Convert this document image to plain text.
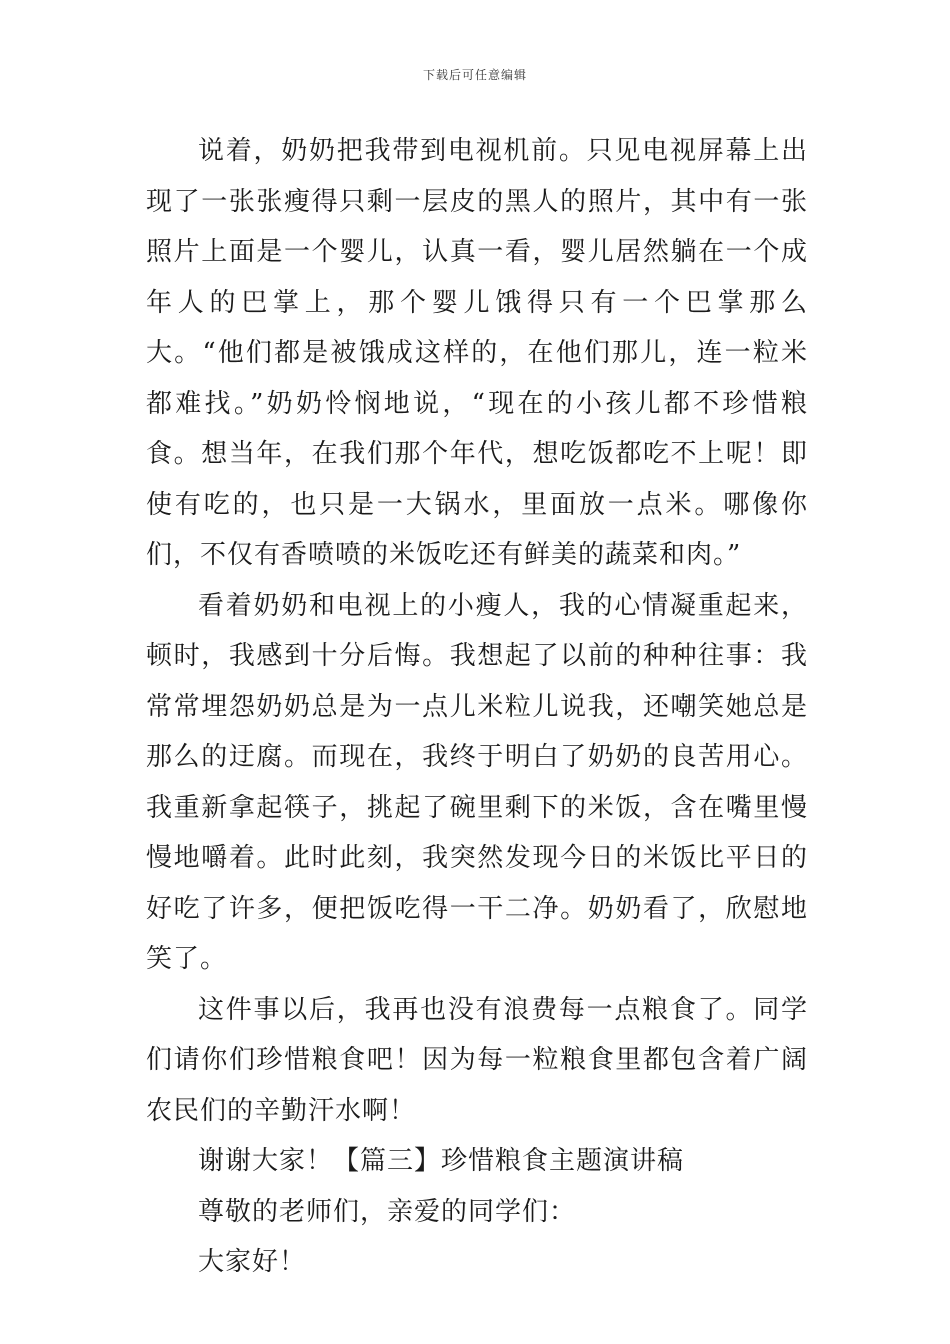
下载后可任意编辑

说着，奶奶把我带到电视机前。只见电视屏幕上出现了一张张瘦得只剩一层皮的黑人的照片，其中有一张照片上面是一个婴儿，认真一看，婴儿居然躺在一个成年人的巴掌上，那个婴儿饿得只有一个巴掌那么大。“他们都是被饿成这样的，在他们那儿，连一粒米都难找。”奶奶怜悯地说，“现在的小孩儿都不珍惜粮食。想当年，在我们那个年代，想吃饭都吃不上呢！即使有吃的，也只是一大锅水，里面放一点米。哪像你们，不仅有香喷喷的米饭吃还有鲜美的蔬菜和肉。”

看着奶奶和电视上的小瘦人，我的心情凝重起来，顿时，我感到十分后悔。我想起了以前的种种往事：我常常埋怨奶奶总是为一点儿米粒儿说我，还嘲笑她总是那么的迂腐。而现在，我终于明白了奶奶的良苦用心。我重新拿起筷子，挑起了碗里剩下的米饭，含在嘴里慢慢地嚼着。此时此刻，我突然发现今日的米饭比平日的好吃了许多，便把饭吃得一干二净。奶奶看了，欣慰地笑了。

这件事以后，我再也没有浪费每一点粮食了。同学们请你们珍惜粮食吧！因为每一粒粮食里都包含着广阔农民们的辛勤汗水啊！

谢谢大家！【篇三】珍惜粮食主题演讲稿

尊敬的老师们，亲爱的同学们：

大家好！
